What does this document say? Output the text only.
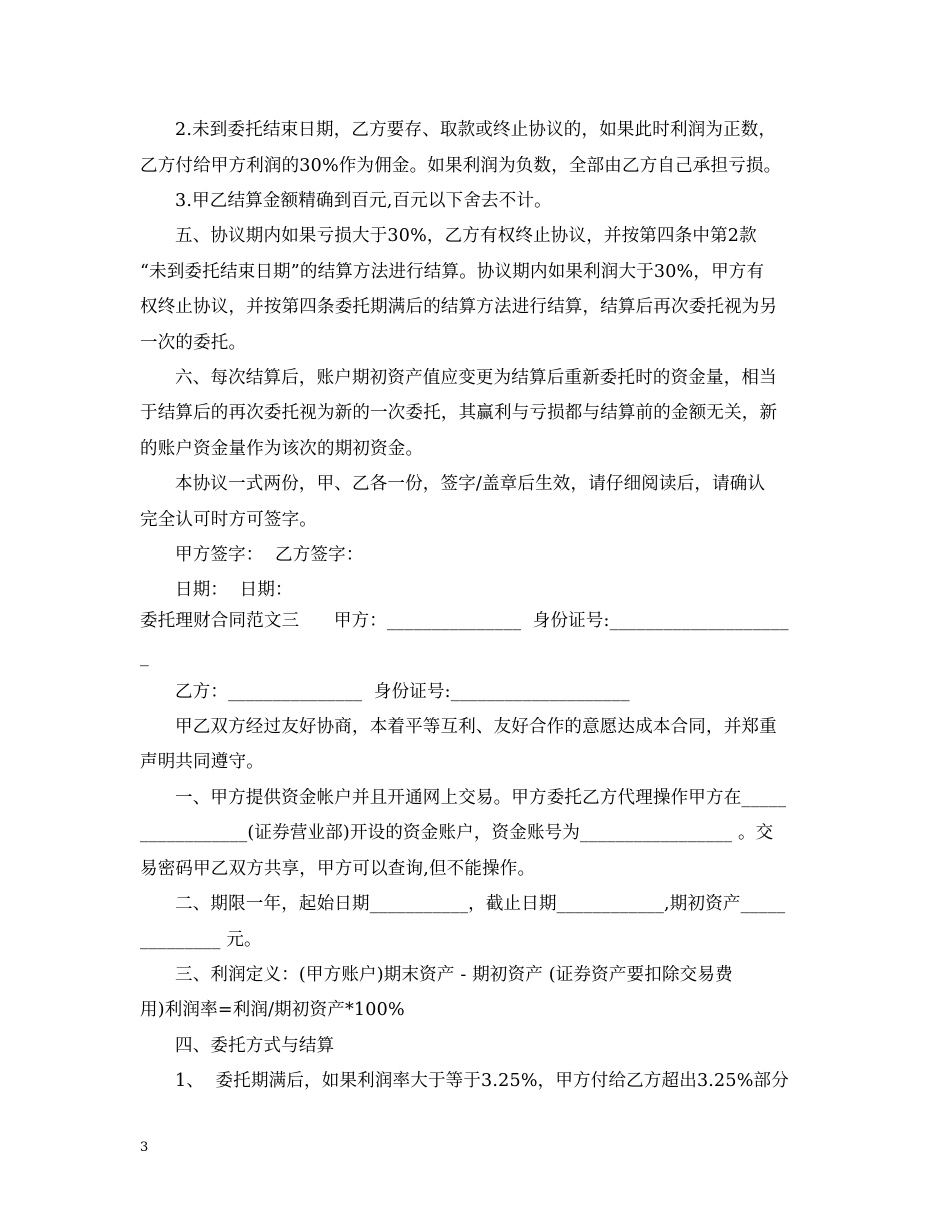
2.未到委托结束日期，乙方要存、取款或终止协议的，如果此时利润为正数，
乙方付给甲方利润的30%作为佣金。如果利润为负数，全部由乙方自己承担亏损。
3.甲乙结算金额精确到百元,百元以下舍去不计。
五、协议期内如果亏损大于30%，乙方有权终止协议，并按第四条中第2款
“未到委托结束日期”的结算方法进行结算。协议期内如果利润大于30%，甲方有
权终止协议，并按第四条委托期满后的结算方法进行结算，结算后再次委托视为另
一次的委托。
六、每次结算后，账户期初资产值应变更为结算后重新委托时的资金量，相当
于结算后的再次委托视为新的一次委托，其赢利与亏损都与结算前的金额无关，新
的账户资金量作为该次的期初资金。
本协议一式两份，甲、乙各一份，签字/盖章后生效，请仔细阅读后，请确认
完全认可时方可签字。
甲方签字：  乙方签字：
日期：  日期：
委托理财合同范文三      甲方：_______________  身份证号:____________________
_
乙方：_______________  身份证号:____________________
甲乙双方经过友好协商，本着平等互利、友好合作的意愿达成本合同，并郑重
声明共同遵守。
一、甲方提供资金帐户并且开通网上交易。甲方委托乙方代理操作甲方在_____
____________(证券营业部)开设的资金账户，资金账号为_________________ 。交
易密码甲乙双方共享，甲方可以查询,但不能操作。
二、期限一年，起始日期___________，截止日期____________,期初资产_____
_________ 元。
三、利润定义：(甲方账户)期末资产 - 期初资产 (证券资产要扣除交易费
用)利润率=利润/期初资产*100%
四、委托方式与结算
1、  委托期满后，如果利润率大于等于3.25%，甲方付给乙方超出3.25%部分
3
